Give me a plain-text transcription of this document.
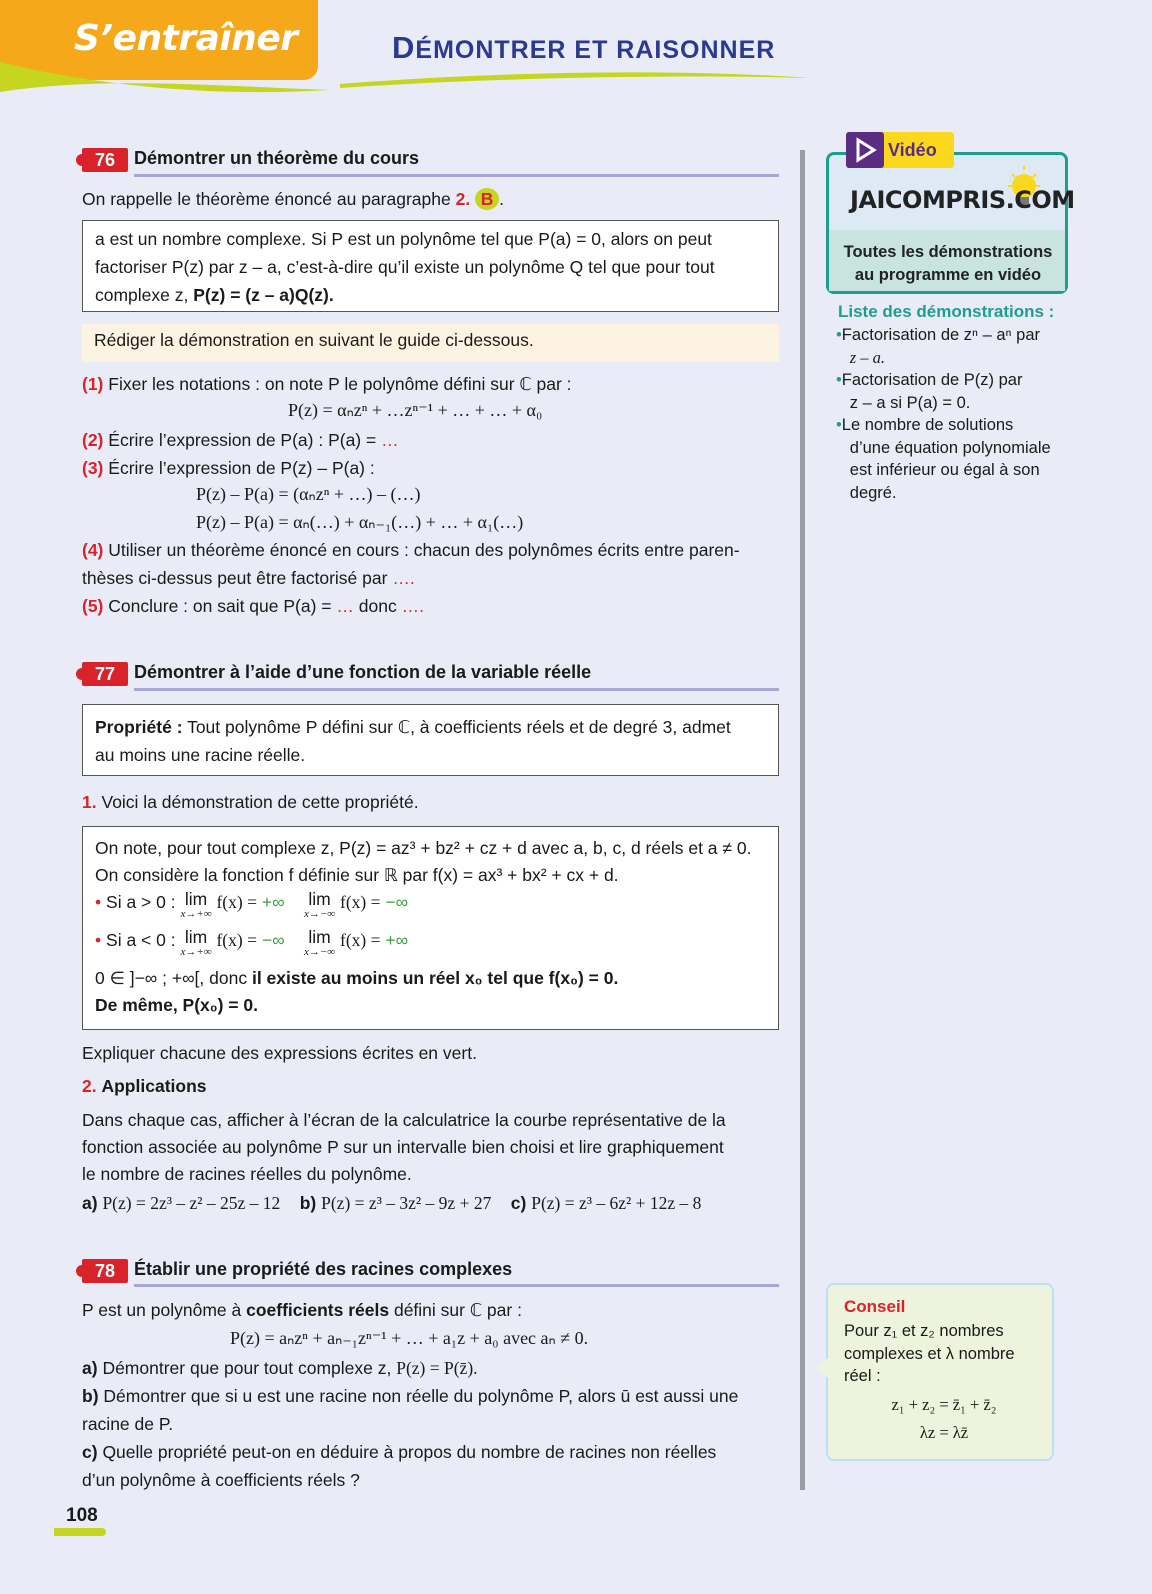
S’entraîner	DÉMONTRER ET RAISONNER
76	Démontrer un théorème du cours
On rappelle le théorème énoncé au paragraphe 2. B .
a est un nombre complexe. Si P est un polynôme tel que P(a) = 0, alors on peut
factoriser P(z) par z – a, c’est-à-dire qu’il existe un polynôme Q tel que pour tout
complexe z, P(z) = (z – a)Q(z).
Rédiger la démonstration en suivant le guide ci-dessous.
(1) Fixer les notations : on note P le polynôme défini sur ℂ par :
P(z) = αₙzⁿ + …zⁿ⁻¹ + … + … + α₀
(2) Écrire l’expression de P(a) : P(a) = …
(3) Écrire l’expression de P(z) – P(a) :
P(z) – P(a) = (αₙzⁿ + …) – (…)
P(z) – P(a) = αₙ(…) + αₙ₋₁(…) + … + α₁(…)
(4) Utiliser un théorème énoncé en cours : chacun des polynômes écrits entre paren-
thèses ci-dessus peut être factorisé par ….
(5) Conclure : on sait que P(a) = … donc ….
77	Démontrer à l’aide d’une fonction de la variable réelle
Propriété : Tout polynôme P défini sur ℂ, à coefficients réels et de degré 3, admet
au moins une racine réelle.
1. Voici la démonstration de cette propriété.
On note, pour tout complexe z, P(z) = az³ + bz² + cz + d avec a, b, c, d réels et a ≠ 0.
On considère la fonction f définie sur ℝ par f(x) = ax³ + bx² + cx + d.
• Si a > 0 : lim
x→+∞
f(x) = +∞ lim
x→−∞
f(x) = −∞
• Si a < 0 : lim
x→+∞
f(x) = −∞ lim
x→−∞
f(x) = +∞
0 ∈ ]−∞ ; +∞[, donc il existe au moins un réel x₀ tel que f(x₀) = 0.
De même, P(x₀) = 0.
Expliquer chacune des expressions écrites en vert.
2. Applications
Dans chaque cas, afficher à l’écran de la calculatrice la courbe représentative de la
fonction associée au polynôme P sur un intervalle bien choisi et lire graphiquement
le nombre de racines réelles du polynôme.
a) P(z) = 2z³ – z² – 25z – 12 b) P(z) = z³ – 3z² – 9z + 27 c) P(z) = z³ – 6z² + 12z – 8
78	Établir une propriété des racines complexes
P est un polynôme à coefficients réels défini sur ℂ par :
P(z) = aₙzⁿ + aₙ₋₁zⁿ⁻¹ + … + a₁z + a₀ avec aₙ ≠ 0.
a) Démontrer que pour tout complexe z, P(z) = P(z̄).
b) Démontrer que si u est une racine non réelle du polynôme P, alors ū est aussi une
racine de P.
c) Quelle propriété peut-on en déduire à propos du nombre de racines non réelles
d’un polynôme à coefficients réels ?
Vidéo
JAICOMPRIS.COM
Toutes les démonstrations
au programme en vidéo
Liste des démonstrations :
•Factorisation de zⁿ – aⁿ par
z – a.
•Factorisation de P(z) par
z – a si P(a) = 0.
•Le nombre de solutions
d’une équation polynomiale
est inférieur ou égal à son
degré.
Conseil
Pour z₁ et z₂ nombres
complexes et λ nombre
réel :
z₁ + z₂ = z̄₁ + z̄₂
λz = λz̄
108
